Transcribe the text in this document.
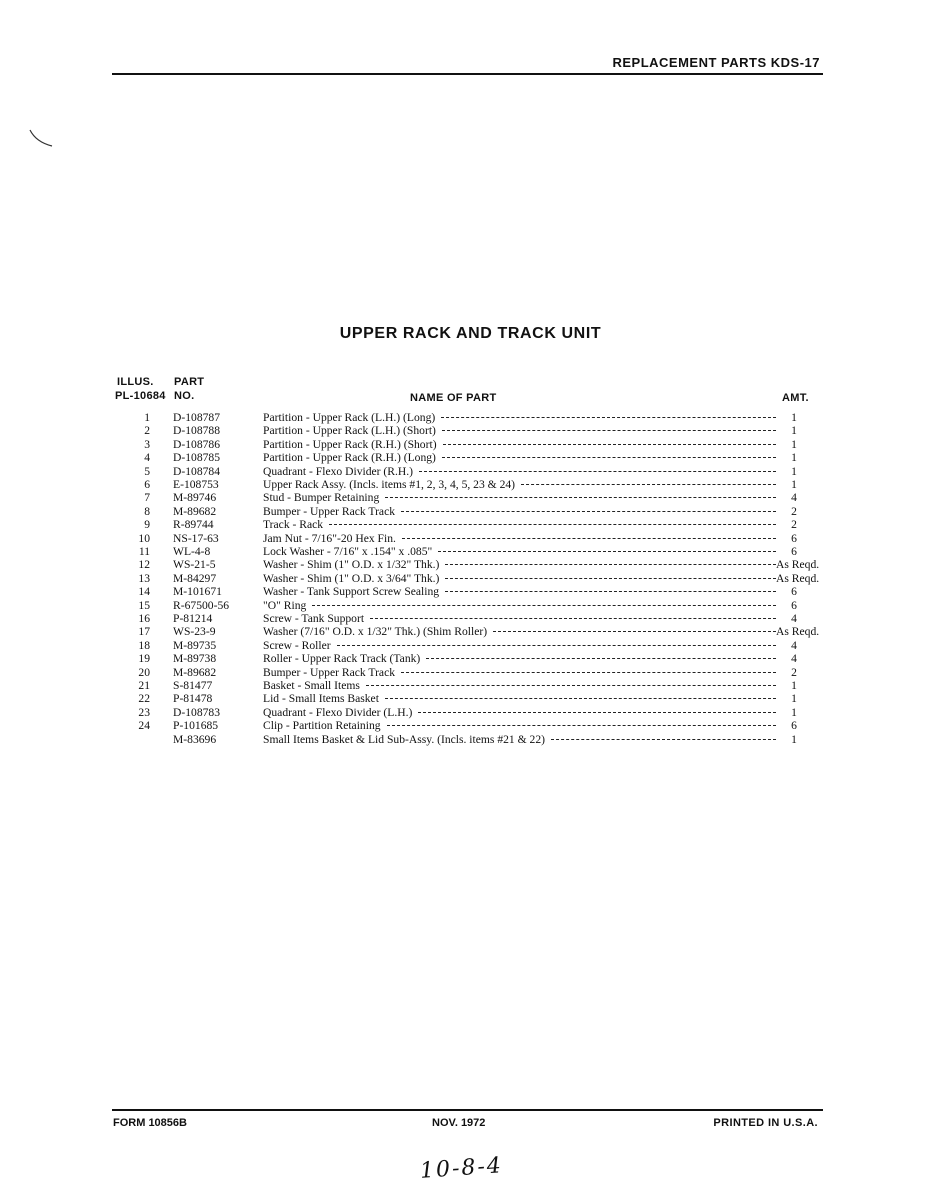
REPLACEMENT PARTS KDS-17
UPPER RACK AND TRACK UNIT
ILLUS.
PL-10684
PART
NO.	NAME OF PART	AMT.
1 D-108787	Partition - Upper Rack (L.H.) (Long)	1
2 D-108788	Partition - Upper Rack (L.H.) (Short)	1
3 D-108786	Partition - Upper Rack (R.H.) (Short)	1
4 D-108785	Partition - Upper Rack (R.H.) (Long)	1
5 D-108784	Quadrant - Flexo Divider (R.H.)	1
6 E-108753	Upper Rack Assy. (Incls. items #1, 2, 3, 4, 5, 23 & 24)	1
7 M-89746	Stud - Bumper Retaining	4
8 M-89682	Bumper - Upper Rack Track	2
9 R-89744	Track - Rack	2
10 NS-17-63	Jam Nut - 7/16"-20 Hex Fin.	6
11 WL-4-8	Lock Washer - 7/16" x .154" x .085"	6
12 WS-21-5	Washer - Shim (1" O.D. x 1/32" Thk.)	As Reqd.
13 M-84297	Washer - Shim (1" O.D. x 3/64" Thk.)	As Reqd.
14 M-101671	Washer - Tank Support Screw Sealing	6
15 R-67500-56	"O" Ring	6
16 P-81214	Screw - Tank Support	4
17 WS-23-9	Washer (7/16" O.D. x 1/32" Thk.) (Shim Roller)	As Reqd.
18 M-89735	Screw - Roller	4
19 M-89738	Roller - Upper Rack Track (Tank)	4
20 M-89682	Bumper - Upper Rack Track	2
21 S-81477	Basket - Small Items	1
22 P-81478	Lid - Small Items Basket	1
23 D-108783	Quadrant - Flexo Divider (L.H.)	1
24 P-101685	Clip - Partition Retaining	6
M-83696	Small Items Basket & Lid Sub-Assy. (Incls. items #21 & 22)	1
FORM 10856B	NOV. 1972	PRINTED IN U.S.A.
10-8-4
